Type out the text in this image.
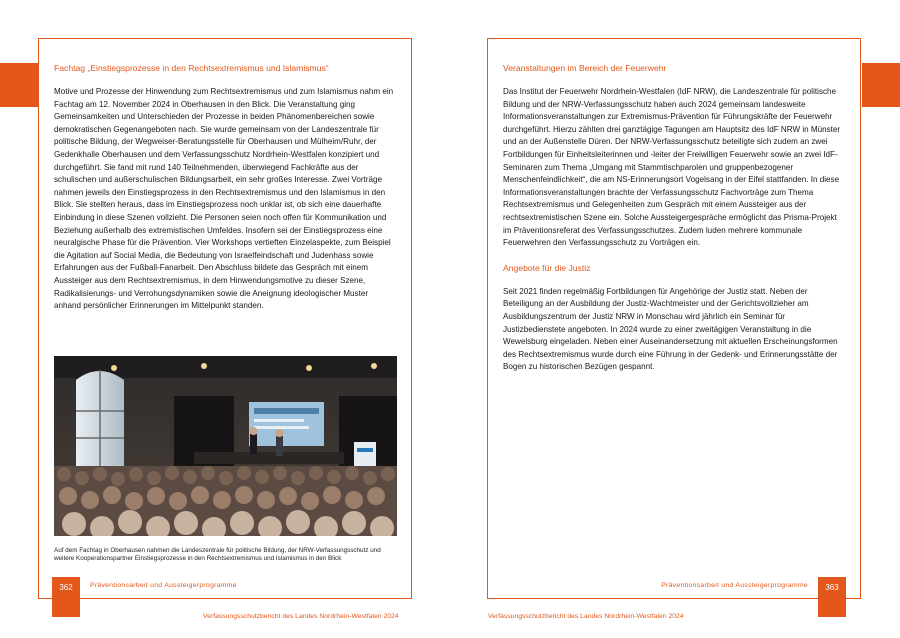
Fachtag „Einstiegsprozesse in den Rechtsextremismus und Islamismus“

Motive und Prozesse der Hinwendung zum Rechtsextremismus und zum Islamismus nahm ein Fachtag am 12. November 2024 in Oberhausen in den Blick. Die Veranstaltung ging Gemeinsamkeiten und Unterschieden der Prozesse in beiden Phänomenbereichen sowie demokratischen Gegenangeboten nach. Sie wurde gemeinsam von der Landeszentrale für politische Bildung, der Wegweiser-Beratungsstelle für Oberhausen und Mülheim/Ruhr, der Gedenkhalle Oberhausen und dem Verfassungsschutz Nordrhein-Westfalen konzipiert und durchgeführt. Sie fand mit rund 140 Teilnehmenden, überwiegend Fachkräfte aus der schulischen und außerschulischen Bildungsarbeit, ein sehr großes Interesse. Zwei Vorträge nahmen jeweils den Einstiegsprozess in den Rechtsextremismus und den Islamismus in den Blick. Sie stellten heraus, dass im Einstiegsprozess noch unklar ist, ob sich eine dauerhafte Einbindung in diese Szenen vollzieht. Die Personen seien noch offen für Kommunikation und Beziehung außerhalb des extremistischen Umfeldes. Insofern sei der Einstiegsprozess eine neuralgische Phase für die Prävention. Vier Workshops vertieften Einzelaspekte, zum Beispiel die Agitation auf Social Media, die Bedeutung von Israelfeindschaft und Judenhass sowie Erfahrungen aus der Fußball-Fanarbeit. Den Abschluss bildete das Gespräch mit einem Aussteiger aus dem Rechtsextremismus, in dem Hinwendungsmotive zu dieser Szene, Radikalisierungs- und Verrohungsdynamiken sowie die Aneignung ideologischer Muster anhand persönlicher Erinnerungen im Mittelpunkt standen.

Auf dem Fachtag in Oberhausen nahmen die Landeszentrale für politische Bildung, der NRW-Verfassungsschutz und weitere Kooperationspartner Einstiegsprozesse in den Rechtsextremismus und Islamismus in den Blick
Veranstaltungen im Bereich der Feuerwehr

Das Institut der Feuerwehr Nordrhein-Westfalen (IdF NRW), die Landeszentrale für politische Bildung und der NRW-Verfassungsschutz haben auch 2024 gemeinsam landesweite Informationsveranstaltungen zur Extremismus-Prävention für Führungskräfte der Feuerwehr durchgeführt. Hierzu zählten drei ganztägige Tagungen am Hauptsitz des IdF NRW in Münster und an der Außenstelle Düren. Der NRW-Verfassungsschutz beteiligte sich zudem an zwei Fortbildungen für Einheitsleiterinnen und -leiter der Freiwilligen Feuerwehr sowie an zwei IdF-Seminaren zum Thema „Umgang mit Stammtischparolen und gruppenbezogener Menschenfeindlichkeit“, die am NS-Erinnerungsort Vogelsang in der Eifel stattfanden. In diese Informationsveranstaltungen brachte der Verfassungsschutz Fachvorträge zum Thema Rechtsextremismus und Gelegenheiten zum Gespräch mit einem Aussteiger aus der rechtsextremistischen Szene ein. Solche Aussteigergespräche ermöglicht das Prisma-Projekt im Präventionsreferat des Verfassungsschutzes. Zudem luden mehrere kommunale Feuerwehren den Verfassungsschutz zu Vorträgen ein.

Angebote für die Justiz

Seit 2021 finden regelmäßig Fortbildungen für Angehörige der Justiz statt. Neben der Beteiligung an der Ausbildung der Justiz-Wachtmeister und der Gerichtsvollzieher am Ausbildungszentrum der Justiz NRW in Monschau wird jährlich ein Seminar für Justizbedienstete angeboten. In 2024 wurde zu einer zweitägigen Veranstaltung in die Wewelsburg eingeladen. Neben einer Auseinandersetzung mit aktuellen Erscheinungsformen des Rechtsextremismus wurde durch eine Führung in der Gedenk- und Erinnerungsstätte der Bogen zu historischen Bezügen gespannt.

362	Präventionsarbeit und Aussteigerprogramme
Verfassungsschutzbericht des Landes Nordrhein-Westfalen 2024
363
Präventionsarbeit und Aussteigerprogramme
Verfassungsschutzbericht des Landes Nordrhein-Westfalen 2024
